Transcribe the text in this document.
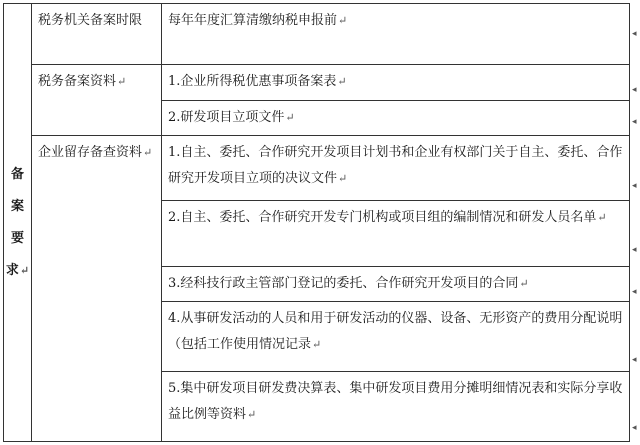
备
案
要
求↵	税务机关备案时限	每年年度汇算清缴纳税申报前↵
	税务备案资料↵	1.企业所得税优惠事项备案表↵
		2.研发项目立项文件↵
	企业留存备查资料↵	1.自主、委托、合作研究开发项目计划书和企业有权部门关于自主、委托、合作研究开发项目立项的决议文件↵
		2.自主、委托、合作研究开发专门机构或项目组的编制情况和研发人员名单↵
		3.经科技行政主管部门登记的委托、合作研究开发项目的合同↵
		4.从事研发活动的人员和用于研发活动的仪器、设备、无形资产的费用分配说明（包括工作使用情况记录↵
		5.集中研发项目研发费决算表、集中研发项目费用分摊明细情况表和实际分享收益比例等资料↵
◂
◂
◂
◂
◂
◂
◂
◂
